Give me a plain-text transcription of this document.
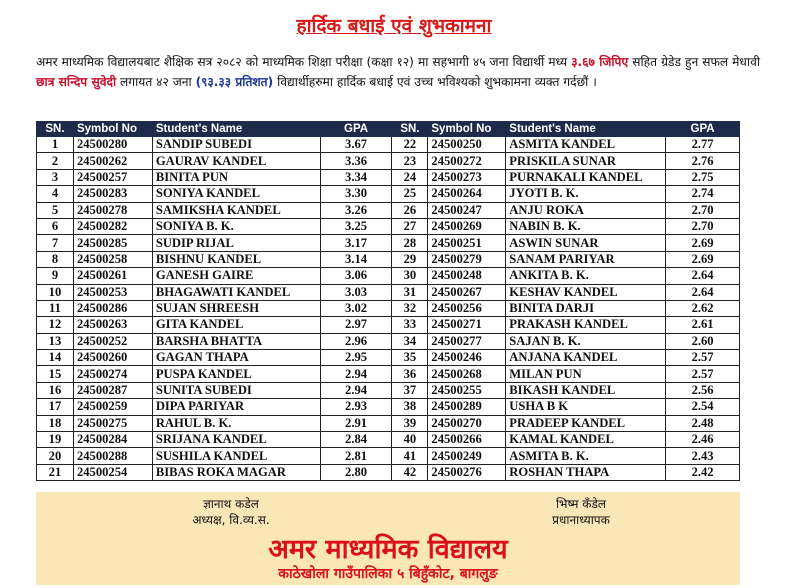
हार्दिक बधाई एवं शुभकामना
अमर माध्यमिक विद्यालयबाट शैक्षिक सत्र २०८२ को माध्यमिक शिक्षा परीक्षा (कक्षा १२) मा सहभागी ४५ जना विद्यार्थी मध्य ३.६७ जिपिए सहित ग्रेडेड हुन सफल मेधावी छात्र सन्दिप सुवेदी लगायत ४२ जना (९३.३३ प्रतिशत) विद्यार्थीहरुमा हार्दिक बधाई एवं उच्च भविश्यको शुभकामना व्यक्त गर्दछौं ।
SN.	Symbol No	Student's Name	GPA	SN.	Symbol No	Student's Name	GPA
1	24500280	SANDIP SUBEDI	3.67	22	24500250	ASMITA KANDEL	2.77
2	24500262	GAURAV KANDEL	3.36	23	24500272	PRISKILA SUNAR	2.76
3	24500257	BINITA PUN	3.34	24	24500273	PURNAKALI KANDEL	2.75
4	24500283	SONIYA KANDEL	3.30	25	24500264	JYOTI B. K.	2.74
5	24500278	SAMIKSHA KANDEL	3.26	26	24500247	ANJU ROKA	2.70
6	24500282	SONIYA B. K.	3.25	27	24500269	NABIN B. K.	2.70
7	24500285	SUDIP RIJAL	3.17	28	24500251	ASWIN SUNAR	2.69
8	24500258	BISHNU KANDEL	3.14	29	24500279	SANAM PARIYAR	2.69
9	24500261	GANESH GAIRE	3.06	30	24500248	ANKITA B. K.	2.64
10	24500253	BHAGAWATI KANDEL	3.03	31	24500267	KESHAV KANDEL	2.64
11	24500286	SUJAN SHREESH	3.02	32	24500256	BINITA DARJI	2.62
12	24500263	GITA KANDEL	2.97	33	24500271	PRAKASH KANDEL	2.61
13	24500252	BARSHA BHATTA	2.96	34	24500277	SAJAN B. K.	2.60
14	24500260	GAGAN THAPA	2.95	35	24500246	ANJANA KANDEL	2.57
15	24500274	PUSPA KANDEL	2.94	36	24500268	MILAN PUN	2.57
16	24500287	SUNITA SUBEDI	2.94	37	24500255	BIKASH KANDEL	2.56
17	24500259	DIPA PARIYAR	2.93	38	24500289	USHA B K	2.54
18	24500275	RAHUL B. K.	2.91	39	24500270	PRADEEP KANDEL	2.48
19	24500284	SRIJANA KANDEL	2.84	40	24500266	KAMAL KANDEL	2.46
20	24500288	SUSHILA KANDEL	2.81	41	24500249	ASMITA B. K.	2.43
21	24500254	BIBAS ROKA MAGAR	2.80	42	24500276	ROSHAN THAPA	2.42
ज्ञानाथ कडेल
अध्यक्ष, वि.व्य.स.
भिष्म कँडेल
प्रधानाध्यापक
अमर माध्यमिक विद्यालय
काठेखोला गाउँपालिका ५ बिहुँकोट, बागलुङ
